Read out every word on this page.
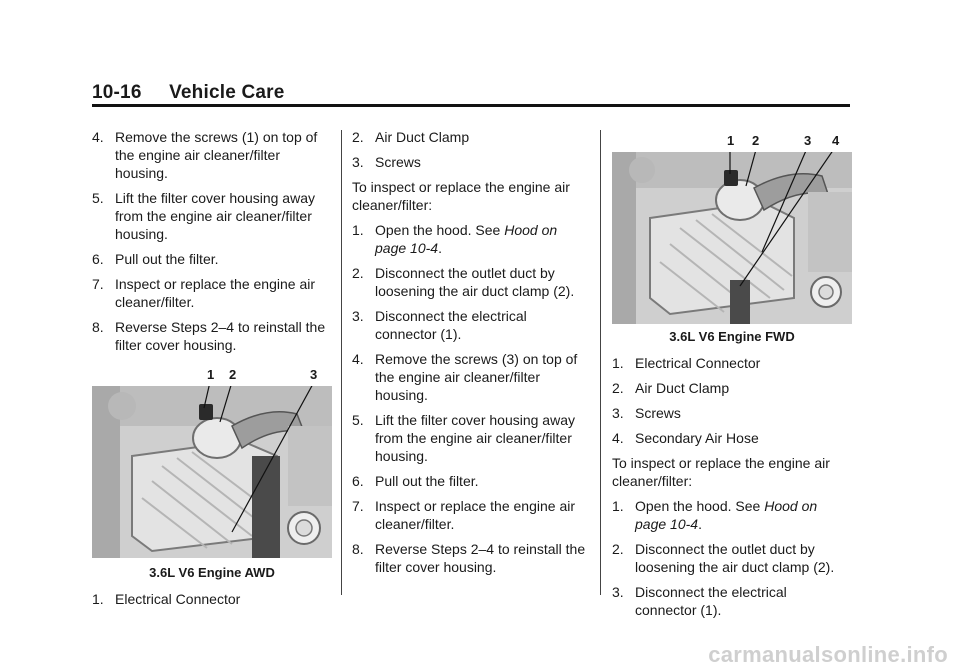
10-16 Vehicle Care
4. Remove the screws (1) on top of the engine air cleaner/filter housing.
5. Lift the filter cover housing away from the engine air cleaner/filter housing.
6. Pull out the filter.
7. Inspect or replace the engine air cleaner/filter.
8. Reverse Steps 2–4 to reinstall the filter cover housing.
1 2	3
3.6L V6 Engine AWD
1. Electrical Connector
2. Air Duct Clamp
3. Screws

To inspect or replace the engine air cleaner/filter:

1. Open the hood. See Hood on page 10-4.
2. Disconnect the outlet duct by loosening the air duct clamp (2).
3. Disconnect the electrical connector (1).
4. Remove the screws (3) on top of the engine air cleaner/filter housing.
5. Lift the filter cover housing away from the engine air cleaner/filter housing.
6. Pull out the filter.
7. Inspect or replace the engine air cleaner/filter.
8. Reverse Steps 2–4 to reinstall the filter cover housing.
1 2	3 4
3.6L V6 Engine FWD
1. Electrical Connector
2. Air Duct Clamp
3. Screws
4. Secondary Air Hose

To inspect or replace the engine air cleaner/filter:

1. Open the hood. See Hood on page 10-4.
2. Disconnect the outlet duct by loosening the air duct clamp (2).
3. Disconnect the electrical connector (1).
carmanualsonline.info
